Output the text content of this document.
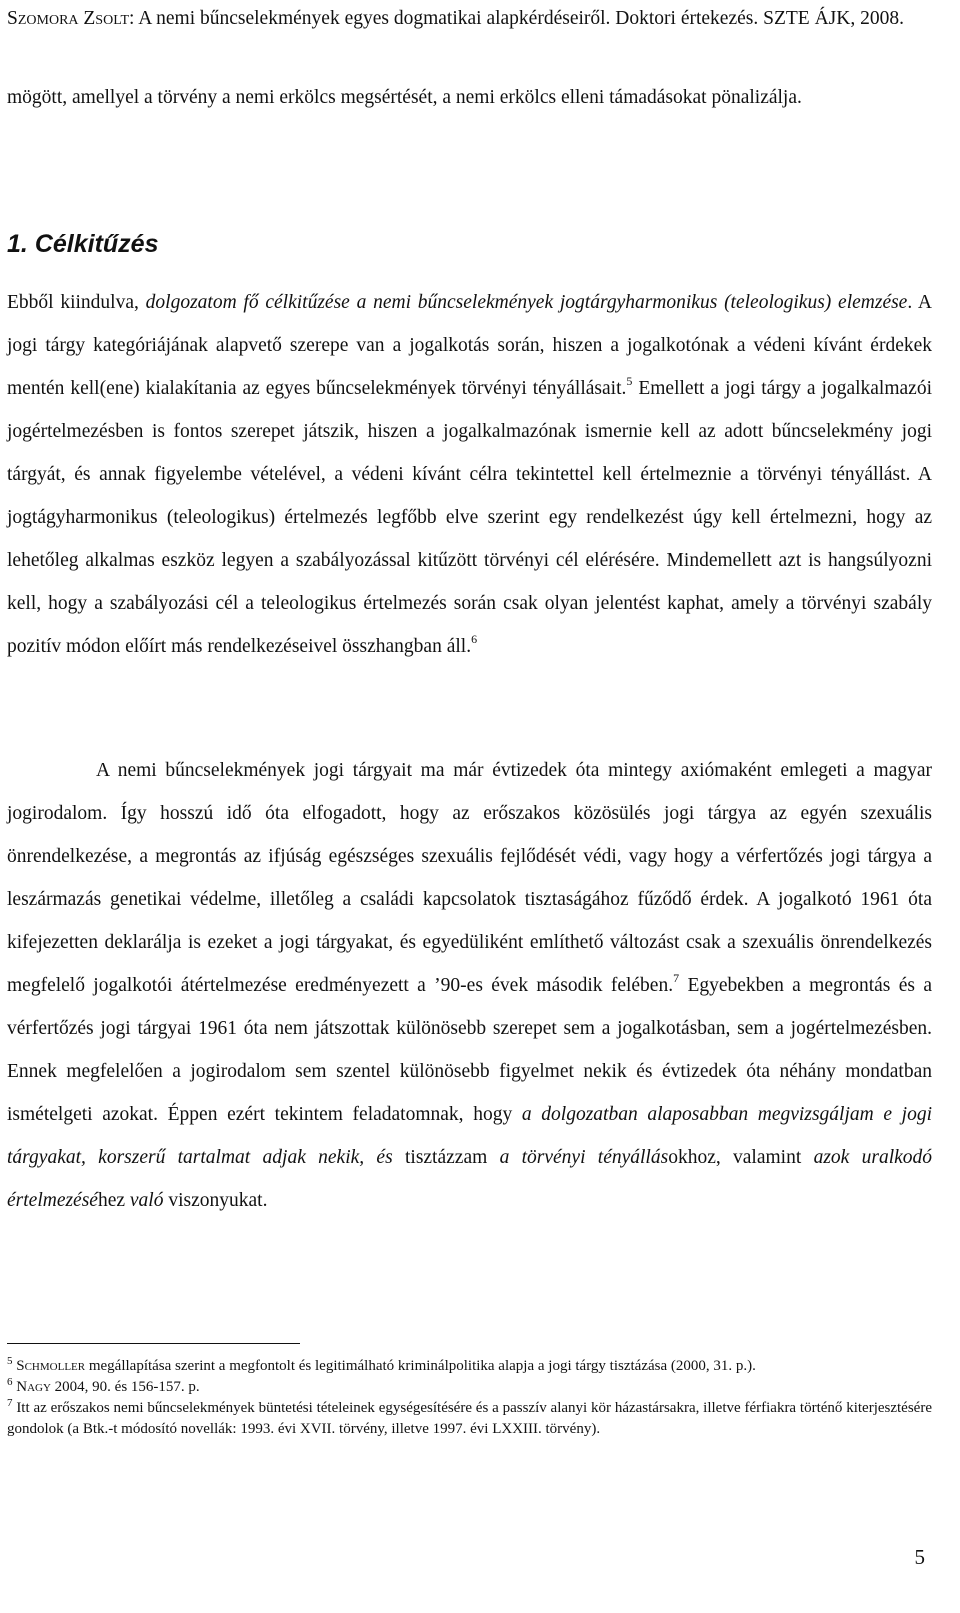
Szomora Zsolt: A nemi bűncselekmények egyes dogmatikai alapkérdéseiről. Doktori értekezés. SZTE ÁJK, 2008.

mögött, amellyel a törvény a nemi erkölcs megsértését, a nemi erkölcs elleni támadásokat pönalizálja.

1. Célkitűzés

Ebből kiindulva, dolgozatom fő célkitűzése a nemi bűncselekmények jogtárgyharmonikus (teleologikus) elemzése. A jogi tárgy kategóriájának alapvető szerepe van a jogalkotás során, hiszen a jogalkotónak a védeni kívánt érdekek mentén kell(ene) kialakítania az egyes bűncselekmények törvényi tényállásait.$^5$ Emellett a jogi tárgy a jogalkalmazói jogértelmezésben is fontos szerepet játszik, hiszen a jogalkalmazónak ismernie kell az adott bűncselekmény jogi tárgyát, és annak figyelembe vételével, a védeni kívánt célra tekintettel kell értelmeznie a törvényi tényállást. A jogtágyharmonikus (teleologikus) értelmezés legfőbb elve szerint egy rendelkezést úgy kell értelmezni, hogy az lehetőleg alkalmas eszköz legyen a szabályozással kitűzött törvényi cél elérésére. Mindemellett azt is hangsúlyozni kell, hogy a szabályozási cél a teleologikus értelmezés során csak olyan jelentést kaphat, amely a törvényi szabály pozitív módon előírt más rendelkezéseivel összhangban áll.$^6$

A nemi bűncselekmények jogi tárgyait ma már évtizedek óta mintegy axiómaként emlegeti a magyar jogirodalom. Így hosszú idő óta elfogadott, hogy az erőszakos közösülés jogi tárgya az egyén szexuális önrendelkezése, a megrontás az ifjúság egészséges szexuális fejlődését védi, vagy hogy a vérfertőzés jogi tárgya a leszármazás genetikai védelme, illetőleg a családi kapcsolatok tisztaságához fűződő érdek. A jogalkotó 1961 óta kifejezetten deklarálja is ezeket a jogi tárgyakat, és egyedüliként említhető változást csak a szexuális önrendelkezés megfelelő jogalkotói átértelmezése eredményezett a ’90-es évek második felében.$^7$ Egyebekben a megrontás és a vérfertőzés jogi tárgyai 1961 óta nem játszottak különösebb szerepet sem a jogalkotásban, sem a jogértelmezésben. Ennek megfelelően a jogirodalom sem szentel különösebb figyelmet nekik és évtizedek óta néhány mondatban ismételgeti azokat. Éppen ezért tekintem feladatomnak, hogy a dolgozatban alaposabban megvizsgáljam e jogi tárgyakat, korszerű tartalmat adjak nekik, és tisztázzam a törvényi tényállásokhoz, valamint azok uralkodó értelmezéséhez való viszonyukat.

$^5$ Schmoller megállapítása szerint a megfontolt és legitimálható kriminálpolitika alapja a jogi tárgy tisztázása (2000, 31. p.).

$^6$ Nagy 2004, 90. és 156-157. p.

$^7$ Itt az erőszakos nemi bűncselekmények büntetési tételeinek egységesítésére és a passzív alanyi kör házastársakra, illetve férfiakra történő kiterjesztésére gondolok (a Btk.-t módosító novellák: 1993. évi XVII. törvény, illetve 1997. évi LXXIII. törvény).

5
